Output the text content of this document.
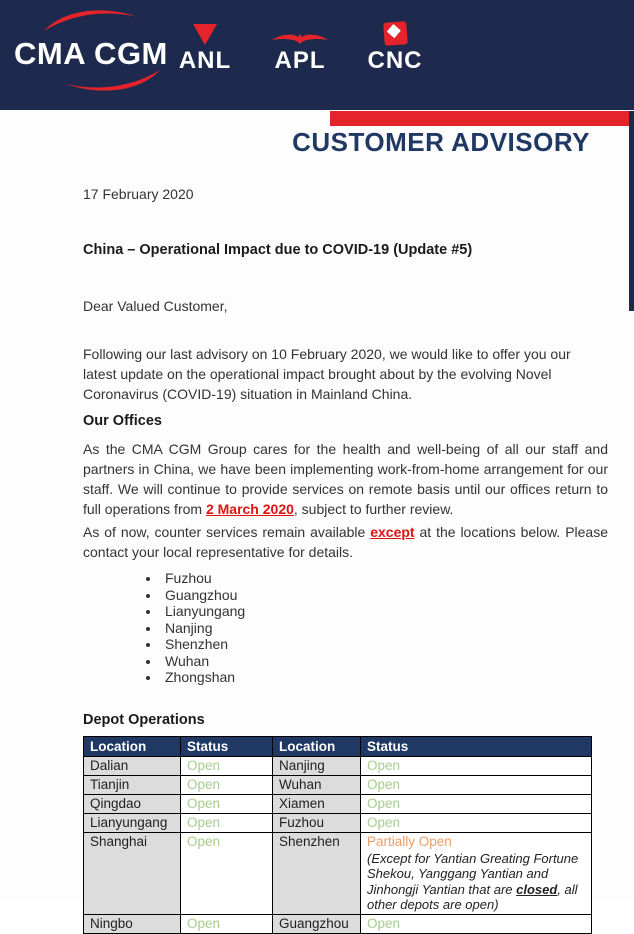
CMA CGM ANL APL CNC
CUSTOMER ADVISORY

17 February 2020

China – Operational Impact due to COVID-19 (Update #5)

Dear Valued Customer,

Following our last advisory on 10 February 2020, we would like to offer you our latest update on the operational impact brought about by the evolving Novel Coronavirus (COVID-19) situation in Mainland China.

Our Offices

As the CMA CGM Group cares for the health and well-being of all our staff and partners in China, we have been implementing work-from-home arrangement for our staff. We will continue to provide services on remote basis until our offices return to full operations from 2 March 2020, subject to further review.

As of now, counter services remain available except at the locations below. Please contact your local representative for details.

• Fuzhou
• Guangzhou
• Lianyungang
• Nanjing
• Shenzhen
• Wuhan
• Zhongshan

Depot Operations

Location	Status	Location	Status
Dalian	Open	Nanjing	Open
Tianjin	Open	Wuhan	Open
Qingdao	Open	Xiamen	Open
Lianyungang	Open	Fuzhou	Open
Shanghai	Open	Shenzhen	Partially Open
(Except for Yantian Greating Fortune Shekou, Yanggang Yantian and Jinhongji Yantian that are closed, all other depots are open)

Ningbo	Open	Guangzhou	Open
